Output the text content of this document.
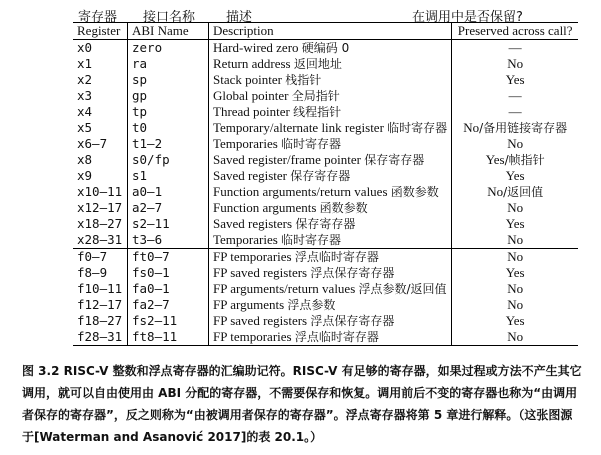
寄存器 接口名称 描述	在调用中是否保留?
Register	ABI Name	Description	Preserved across call?
x0	zero	Hard-wired zero 硬编码 0	—
x1	ra	Return address 返回地址	No
x2	sp	Stack pointer 栈指针	Yes
x3	gp	Global pointer 全局指针	—
x4	tp	Thread pointer 线程指针	—
x5	t0	Temporary/alternate link register 临时寄存器	No/备用链接寄存器
x6–7	t1–2	Temporaries 临时寄存器	No
x8	s0/fp	Saved register/frame pointer 保存寄存器	Yes/帧指针
x9	s1	Saved register 保存寄存器	Yes
x10–11	a0–1	Function arguments/return values 函数参数	No/返回值
x12–17	a2–7	Function arguments 函数参数	No
x18–27	s2–11	Saved registers 保存寄存器	Yes
x28–31	t3–6	Temporaries 临时寄存器	No
f0–7	ft0–7	FP temporaries 浮点临时寄存器	No
f8–9	fs0–1	FP saved registers 浮点保存寄存器	Yes
f10–11	fa0–1	FP arguments/return values 浮点参数/返回值	No
f12–17	fa2–7	FP arguments 浮点参数	No
f18–27	fs2–11	FP saved registers 浮点保存寄存器	Yes
f28–31	ft8–11	FP temporaries 浮点临时寄存器	No
图 3.2 RISC-V 整数和浮点寄存器的汇编助记符。RISC-V 有足够的寄存器，如果过程或方法不产生其它调用，就可以自由使用由 ABI 分配的寄存器，不需要保存和恢复。调用前后不变的寄存器也称为“由调用者保存的寄存器”，反之则称为“由被调用者保存的寄存器”。浮点寄存器将第 5 章进行解释。（这张图源于[Waterman and Asanović 2017]的表 20.1。）
